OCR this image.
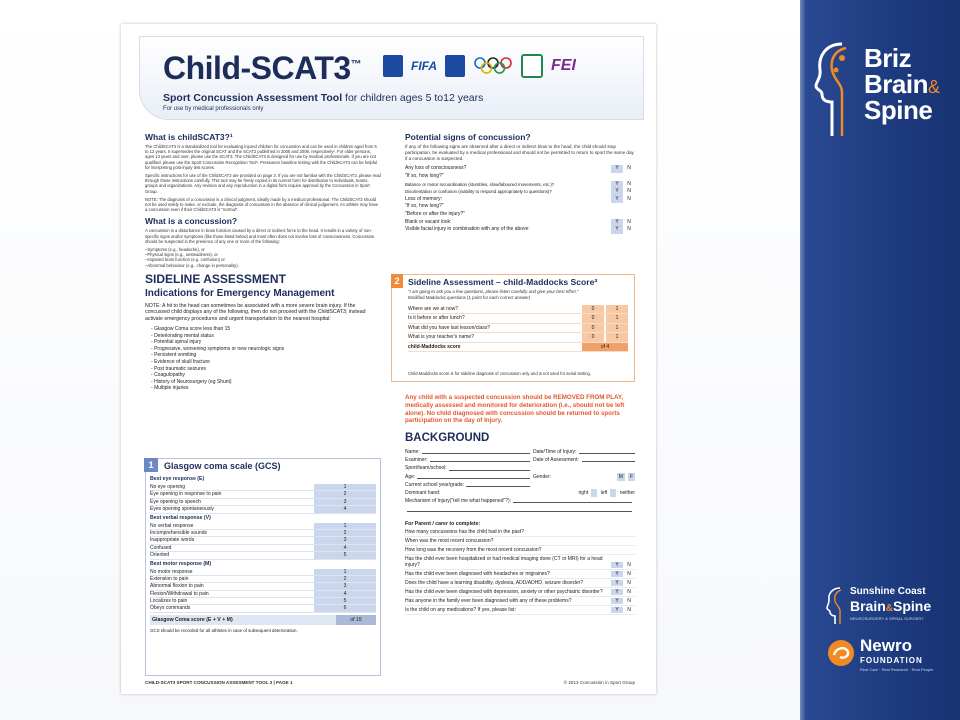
Child-SCAT3™	FIFA	FEI
Sport Concussion Assessment Tool for children ages 5 to12 years
For use by medical professionals only
What is childSCAT3?¹

The ChildSCAT3 is a standardized tool for evaluating injured children for concussion and can be used in children aged from 5 to 12 years. It supersedes the original SCAT and the SCAT2 published in 2005 and 2009, respectively². For older persons, ages 13 years and over, please use the SCAT3. The ChildSCAT3 is designed for use by medical professionals. If you are not qualified, please use the Sport Concussion Recognition Tool¹. Preseason baseline testing with the ChildSCAT3 can be helpful for interpreting post-injury test scores.

Specific instructions for use of the ChildSCAT3 are provided on page 3. If you are not familiar with the ChildSCAT3, please read through these instructions carefully. This tool may be freely copied in its current form for distribution to individuals, teams, groups and organizations. Any revision and any reproduction in a digital form require approval by the Concussion in Sport Group.

NOTE: The diagnosis of a concussion is a clinical judgment, ideally made by a medical professional. The ChildSCAT3 should not be used solely to make, or exclude, the diagnosis of concussion in the absence of clinical judgement. An athlete may have a concussion even if their ChildSCAT3 is "normal".

What is a concussion?

A concussion is a disturbance in brain function caused by a direct or indirect force to the head. It results in a variety of non-specific signs and/or symptoms (like those listed below) and most often does not involve loss of consciousness. Concussion should be suspected in the presence of any one or more of the following:

–Symptoms (e.g., headache), or
–Physical signs (e.g., unsteadiness), or
–Impaired brain function (e.g. confusion) or
–Abnormal behaviour (e.g., change in personality).
SIDELINE ASSESSMENT
Indications for Emergency Management
NOTE: A hit to the head can sometimes be associated with a more severe brain injury. If the concussed child displays any of the following, then do not proceed with the ChildSCAT3; instead activate emergency procedures and urgent transportation to the nearest hospital:
- Glasgow Coma score less than 15
- Deteriorating mental status
- Potential spinal injury
- Progressive, worsening symptoms or new neurologic signs
- Persistent vomiting
- Evidence of skull fracture
- Post traumatic seizures
- Coagulopathy
- History of Neurosurgery (eg Shunt)
- Multiple injuries
1	Glasgow coma scale (GCS)
Best eye response (E)
No eye opening	1
Eye opening in response to pain	2
Eye opening to speech	3
Eyes opening spontaneously	4
Best verbal response (V)
No verbal response	1
Incomprehensible sounds	2
Inappropriate words	3
Confused	4
Oriented	5
Best motor response (M)
No motor response	1
Extension to pain	2
Abnormal flexion to pain	3
Flexion/Withdrawal to pain	4
Localizes to pain	5
Obeys commands	6
Glasgow Coma score (E + V + M)	of 15
GCS should be recorded for all athletes in case of subsequent deterioration.
Potential signs of concussion?
If any of the following signs are observed after a direct or indirect blow to the head, the child should stop participation, be evaluated by a medical professional and should not be permitted to return to sport the same day if a concussion is suspected.
Any loss of consciousness?	Y	N
"If so, how long?"
Balance or motor incoordination (stumbles, slow/laboured movements, etc.)?	Y	N
Disorientation or confusion (inability to respond appropriately to questions)?	Y	N
Loss of memory:	Y	N
"If so, how long?"
"Before or after the injury?"
Blank or vacant look:	Y	N
Visible facial injury in combination with any of the above:	Y	N
2 Sideline Assessment – child-Maddocks Score³
"I am going to ask you a few questions, please listen carefully and give your best effort."
Modified Maddocks questions (1 point for each correct answer)
Where are we at now?	0	1
Is it before or after lunch?	0	1
What did you have last lesson/class?	0	1
What is your teacher's name?	0	1
child-Maddocks score	of 4
Child-Maddocks score is for sideline diagnosis of concussion only and is not used for serial testing.
Any child with a suspected concussion should be REMOVED FROM PLAY, medically assessed and monitored for deterioration (i.e., should not be left alone). No child diagnosed with concussion should be returned to sports participation on the day of Injury.
BACKGROUND
Name:	Date/Time of Injury:
Examiner:	Date of Assessment:
Sport/team/school:
Age:	Gender:	M	F
Current school year/grade:
Dominant hand:	right
left
neither
Mechanism of Injury("tell me what happened"?):
For Parent / carer to complete:
How many concussions has the child had in the past?
When was the most recent concussion?
How long was the recovery from the most recent concussion?
Has the child ever been hospitalized or had medical imaging done (CT or MRI) for a head injury?	Y	N
Has the child ever been diagnosed with headaches or migraines?	Y	N
Does the child have a learning disability, dyslexia, ADD/ADHD, seizure disorder?	Y	N
Has the child ever been diagnosed with depression, anxiety or other psychiatric disorder?	Y	N
Has anyone in the family ever been diagnosed with any of these problems?	Y	N
Is the child on any medications? If yes, please list:	Y	N
CHILD-SCAT3 SPORT CONCUSSION ASSESMENT TOOL 3 | PAGE 1	© 2013 Concussion in Sport Group
Briz
Brain&
Spine
Sunshine Coast
Brain&Spine
NEUROSURGERY & SPINAL SURGERY
Newro
FOUNDATION
Real Care · Real Research · Real People
